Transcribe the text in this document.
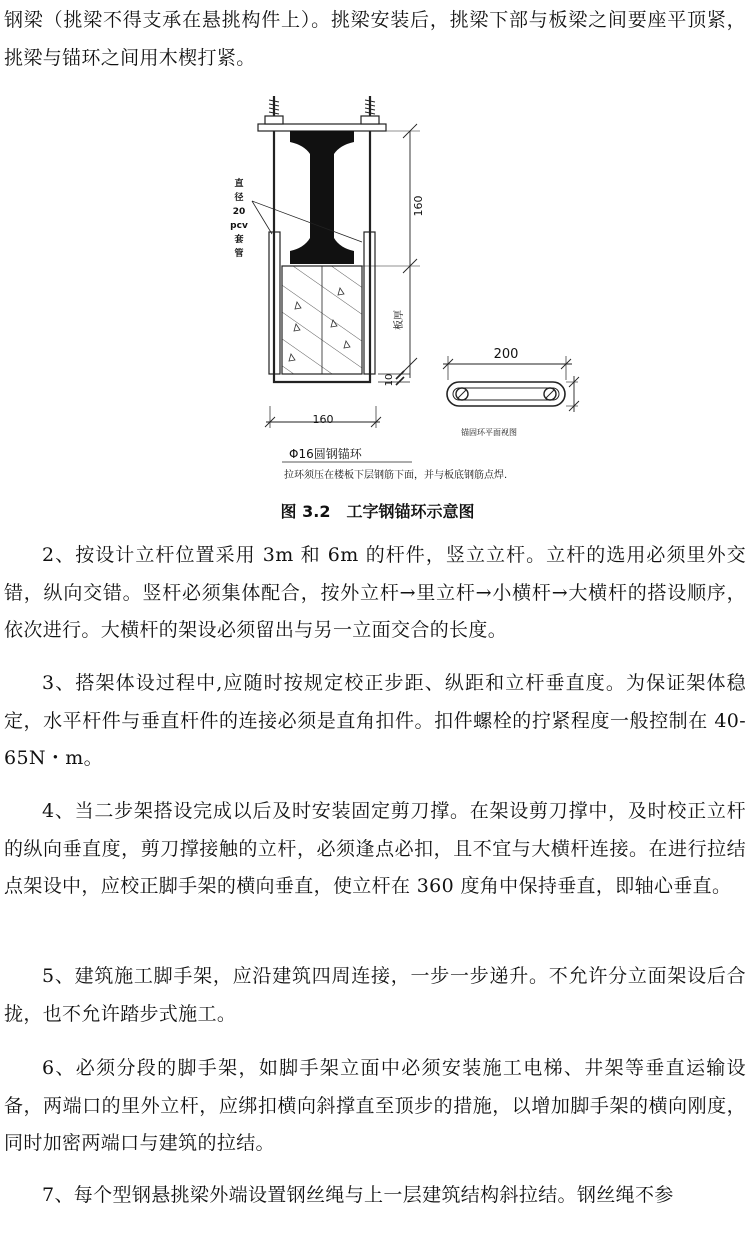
钢梁（挑梁不得支承在悬挑构件上）。挑梁安装后，挑梁下部与板梁之间要座平顶紧，挑梁与锚环之间用木楔打紧。

直
径
20
pcv
套
管
160
板厚
10
160
Φ16圆钢锚环
拉环须压在楼板下层钢筋下面，并与板底钢筋点焊.
200
锚固环平面视图
图 3.2　工字钢锚环示意图

2、按设计立杆位置采用 3m 和 6m 的杆件，竖立立杆。立杆的选用必须里外交错，纵向交错。竖杆必须集体配合，按外立杆→里立杆→小横杆→大横杆的搭设顺序，依次进行。大横杆的架设必须留出与另一立面交合的长度。

3、搭架体设过程中,应随时按规定校正步距、纵距和立杆垂直度。为保证架体稳定，水平杆件与垂直杆件的连接必须是直角扣件。扣件螺栓的拧紧程度一般控制在 40-65N・m。

4、当二步架搭设完成以后及时安装固定剪刀撑。在架设剪刀撑中，及时校正立杆的纵向垂直度，剪刀撑接触的立杆，必须逢点必扣，且不宜与大横杆连接。在进行拉结点架设中，应校正脚手架的横向垂直，使立杆在 360 度角中保持垂直，即轴心垂直。

5、建筑施工脚手架，应沿建筑四周连接，一步一步递升。不允许分立面架设后合拢，也不允许踏步式施工。

6、必须分段的脚手架，如脚手架立面中必须安装施工电梯、井架等垂直运输设备，两端口的里外立杆，应绑扣横向斜撑直至顶步的措施，以增加脚手架的横向刚度，同时加密两端口与建筑的拉结。

7、每个型钢悬挑梁外端设置钢丝绳与上一层建筑结构斜拉结。钢丝绳不参
